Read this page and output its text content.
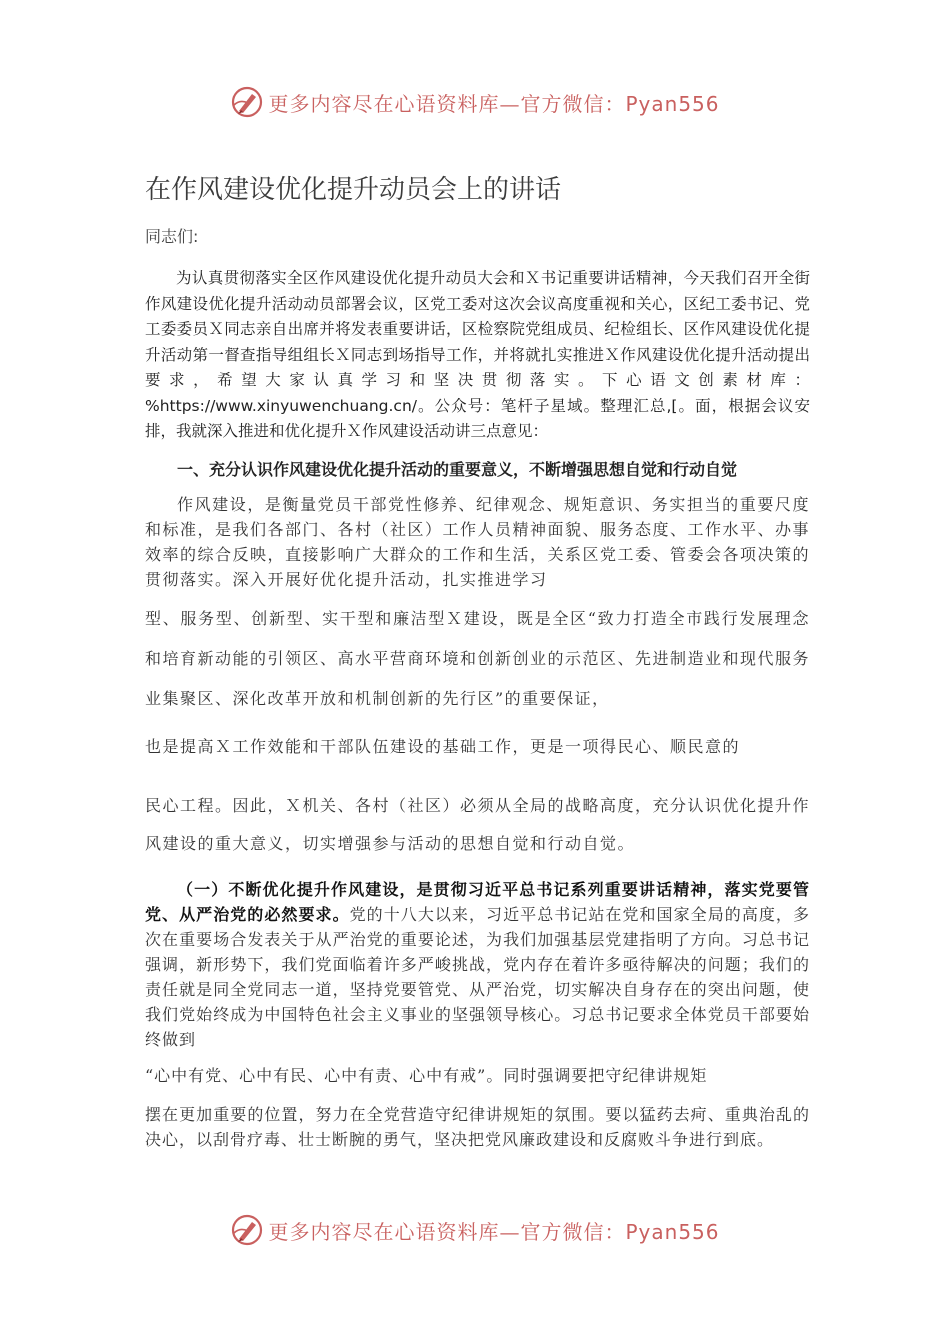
更多内容尽在心语资料库—官方微信：Pyan556
在作风建设优化提升动员会上的讲话
同志们:

为认真贯彻落实全区作风建设优化提升动员大会和Ｘ书记重要讲话精神，今天我们召开全街作风建设优化提升活动动员部署会议，区党工委对这次会议高度重视和关心，区纪工委书记、党工委委员Ｘ同志亲自出席并将发表重要讲话，区检察院党组成员、纪检组长、区作风建设优化提升活动第一督查指导组组长Ｘ同志到场指导工作，并将就扎实推进Ｘ作风建设优化提升活动提出要求，希望大家认真学习和坚决贯彻落实。下心语文创素材库：%https://www.xinyuwenchuang.cn/。公众号：笔杆子星域。整理汇总,[。面，根据会议安排，我就深入推进和优化提升Ｘ作风建设活动讲三点意见：

一、充分认识作风建设优化提升活动的重要意义，不断增强思想自觉和行动自觉

作风建设，是衡量党员干部党性修养、纪律观念、规矩意识、务实担当的重要尺度和标准，是我们各部门、各村（社区）工作人员精神面貌、服务态度、工作水平、办事效率的综合反映，直接影响广大群众的工作和生活，关系区党工委、管委会各项决策的贯彻落实。深入开展好优化提升活动，扎实推进学习

型、服务型、创新型、实干型和廉洁型Ｘ建设，既是全区“致力打造全市践行发展理念和培育新动能的引领区、高水平营商环境和创新创业的示范区、先进制造业和现代服务业集聚区、深化改革开放和机制创新的先行区”的重要保证，

也是提高Ｘ工作效能和干部队伍建设的基础工作，更是一项得民心、顺民意的

民心工程。因此，Ｘ机关、各村（社区）必须从全局的战略高度，充分认识优化提升作风建设的重大意义，切实增强参与活动的思想自觉和行动自觉。

（一）不断优化提升作风建设，是贯彻习近平总书记系列重要讲话精神，落实党要管党、从严治党的必然要求。党的十八大以来，习近平总书记站在党和国家全局的高度，多次在重要场合发表关于从严治党的重要论述，为我们加强基层党建指明了方向。习总书记强调，新形势下，我们党面临着许多严峻挑战，党内存在着许多亟待解决的问题；我们的责任就是同全党同志一道，坚持党要管党、从严治党，切实解决自身存在的突出问题，使我们党始终成为中国特色社会主义事业的坚强领导核心。习总书记要求全体党员干部要始终做到

“心中有党、心中有民、心中有责、心中有戒”。同时强调要把守纪律讲规矩

摆在更加重要的位置，努力在全党营造守纪律讲规矩的氛围。要以猛药去疴、重典治乱的决心，以刮骨疗毒、壮士断腕的勇气，坚决把党风廉政建设和反腐败斗争进行到底。

更多内容尽在心语资料库—官方微信：Pyan556
